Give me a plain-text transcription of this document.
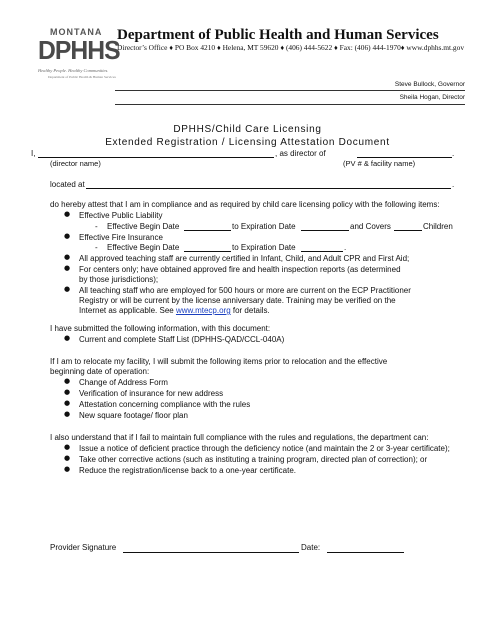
MONTANA
DPHHS
Healthy People. Healthy Communities.
Department of Public Health & Human Services
Department of Public Health and Human Services
Director’s Office ♦ PO Box 4210 ♦ Helena, MT 59620 ♦ (406) 444-5622 ♦ Fax: (406) 444-1970♦ www.dphhs.mt.gov
Steve Bullock, Governor
Sheila Hogan, Director
DPHHS/Child Care Licensing
Extended Registration / Licensing Attestation Document
I,	, as director of	.
(director name)	(PV # & facility name)
located at	.
do hereby attest that I am in compliance and as required by child care licensing policy with the following items:
● Effective Public Liability
- Effective Begin Date	to Expiration Date	and Covers	Children
● Effective Fire Insurance
- Effective Begin Date	to Expiration Date	.
● All approved teaching staff are currently certified in Infant, Child, and Adult CPR and First Aid;
● For centers only; have obtained approved fire and health inspection reports (as determined
by those jurisdictions);
● All teaching staff who are employed for 500 hours or more are current on the ECP Practitioner
Registry or will be current by the license anniversary date. Training may be verified on the
Internet as applicable. See www.mtecp.org for details.
I have submitted the following information, with this document:
● Current and complete Staff List (DPHHS-QAD/CCL-040A)
If I am to relocate my facility, I will submit the following items prior to relocation and the effective
beginning date of operation:
● Change of Address Form
● Verification of insurance for new address
● Attestation concerning compliance with the rules
● New square footage/ floor plan
I also understand that if I fail to maintain full compliance with the rules and regulations, the department can:
● Issue a notice of deficient practice through the deficiency notice (and maintain the 2 or 3-year certificate);
● Take other corrective actions (such as instituting a training program, directed plan of correction); or
● Reduce the registration/license back to a one-year certificate.
Provider Signature	Date:
